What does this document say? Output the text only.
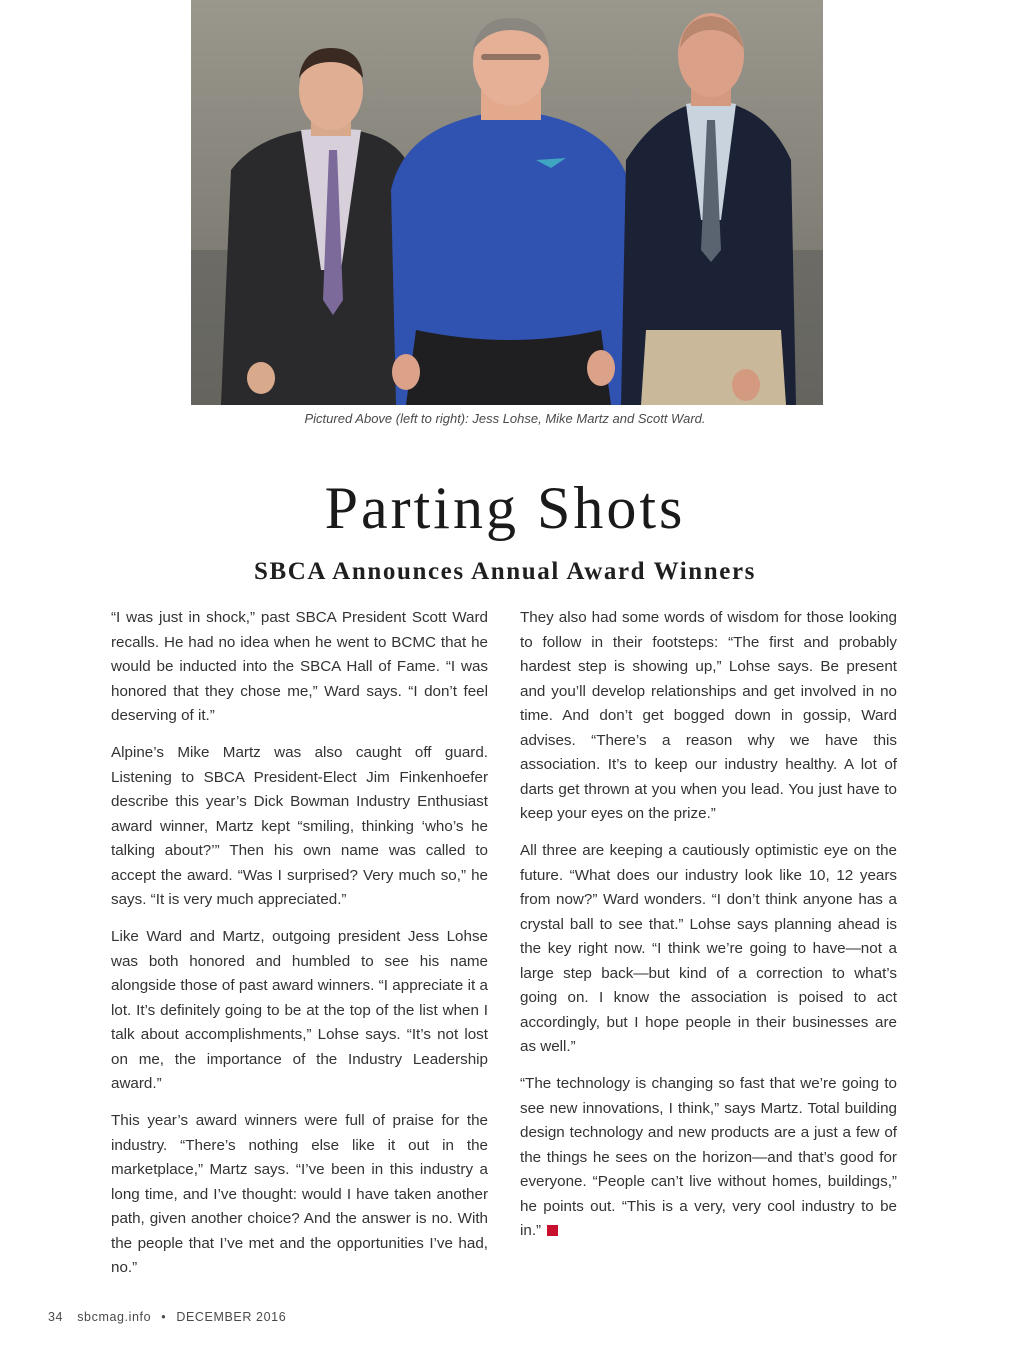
Pictured Above (left to right): Jess Lohse, Mike Martz and Scott Ward.
Parting Shots
SBCA Announces Annual Award Winners

“I was just in shock,” past SBCA President Scott Ward recalls. He had no idea when he went to BCMC that he would be inducted into the SBCA Hall of Fame. “I was honored that they chose me,” Ward says. “I don’t feel deserving of it.”

Alpine’s Mike Martz was also caught off guard. Listening to SBCA President-Elect Jim Finkenhoefer describe this year’s Dick Bowman Industry Enthusiast award winner, Martz kept “smiling, thinking ‘who’s he talking about?’” Then his own name was called to accept the award. “Was I surprised? Very much so,” he says. “It is very much appreciated.”

Like Ward and Martz, outgoing president Jess Lohse was both honored and humbled to see his name alongside those of past award winners. “I appreciate it a lot. It’s definitely going to be at the top of the list when I talk about accomplishments,” Lohse says. “It’s not lost on me, the importance of the Industry Leadership award.”

This year’s award winners were full of praise for the industry. “There’s nothing else like it out in the marketplace,” Martz says. “I’ve been in this industry a long time, and I’ve thought: would I have taken another path, given another choice? And the answer is no. With the people that I’ve met and the opportunities I’ve had, no.”

They also had some words of wisdom for those looking to follow in their footsteps: “The first and probably hardest step is showing up,” Lohse says. Be present and you’ll develop relationships and get involved in no time. And don’t get bogged down in gossip, Ward advises. “There’s a reason why we have this association. It’s to keep our industry healthy. A lot of darts get thrown at you when you lead. You just have to keep your eyes on the prize.”

All three are keeping a cautiously optimistic eye on the future. “What does our industry look like 10, 12 years from now?” Ward wonders. “I don’t think anyone has a crystal ball to see that.” Lohse says planning ahead is the key right now. “I think we’re going to have—not a large step back—but kind of a correction to what’s going on. I know the association is poised to act accordingly, but I hope people in their businesses are as well.”

“The technology is changing so fast that we’re going to see new innovations, I think,” says Martz. Total building design technology and new products are a just a few of the things he sees on the horizon—and that’s good for everyone. “People can’t live without homes, buildings,” he points out. “This is a very, very cool industry to be in.”

34 sbcmag.info • DECEMBER 2016
